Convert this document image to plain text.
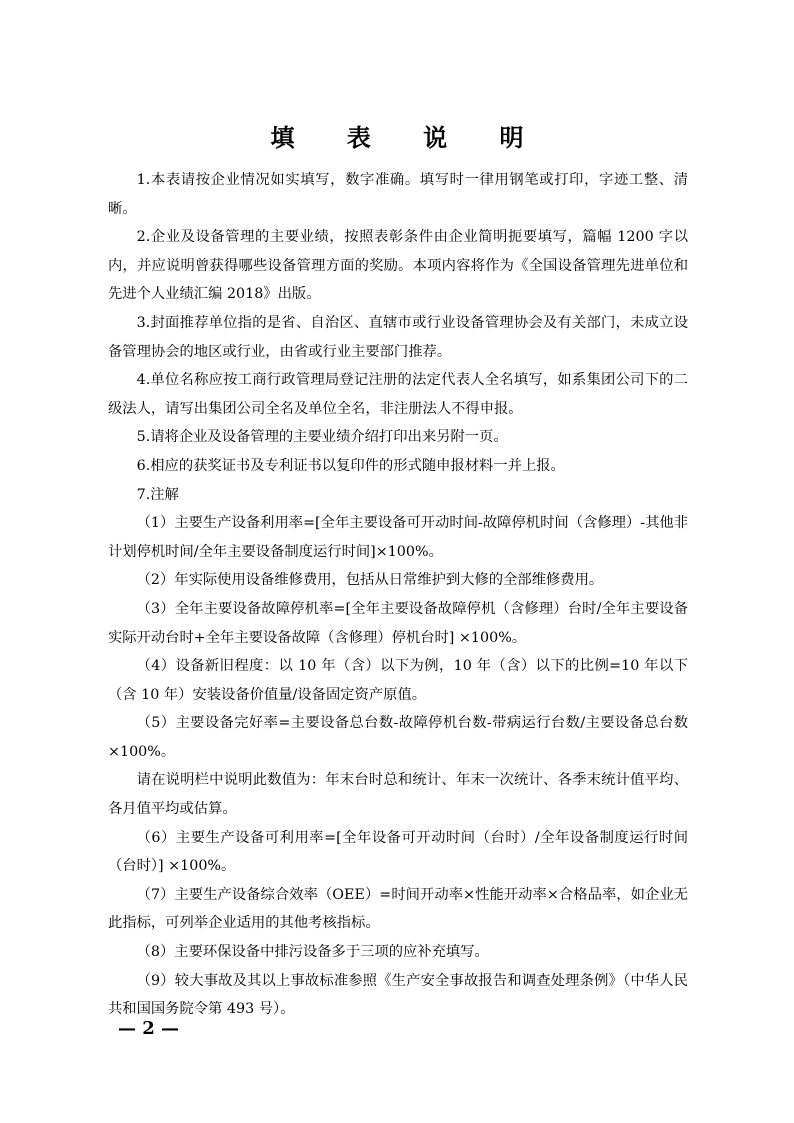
填 表 说 明

1.本表请按企业情况如实填写，数字准确。填写时一律用钢笔或打印，字迹工整、清晰。

2.企业及设备管理的主要业绩，按照表彰条件由企业简明扼要填写，篇幅 1200 字以内，并应说明曾获得哪些设备管理方面的奖励。本项内容将作为《全国设备管理先进单位和先进个人业绩汇编 2018》出版。

3.封面推荐单位指的是省、自治区、直辖市或行业设备管理协会及有关部门，未成立设备管理协会的地区或行业，由省或行业主要部门推荐。

4.单位名称应按工商行政管理局登记注册的法定代表人全名填写，如系集团公司下的二级法人，请写出集团公司全名及单位全名，非注册法人不得申报。

5.请将企业及设备管理的主要业绩介绍打印出来另附一页。

6.相应的获奖证书及专利证书以复印件的形式随申报材料一并上报。

7.注解

（1）主要生产设备利用率=[全年主要设备可开动时间-故障停机时间（含修理）-其他非计划停机时间/全年主要设备制度运行时间]×100%。

（2）年实际使用设备维修费用，包括从日常维护到大修的全部维修费用。

（3）全年主要设备故障停机率=[全年主要设备故障停机（含修理）台时/全年主要设备实际开动台时+全年主要设备故障（含修理）停机台时] ×100%。

（4）设备新旧程度：以 10 年（含）以下为例，10 年（含）以下的比例=10 年以下（含 10 年）安装设备价值量/设备固定资产原值。

（5）主要设备完好率=主要设备总台数-故障停机台数-带病运行台数/主要设备总台数×100%。

请在说明栏中说明此数值为：年末台时总和统计、年末一次统计、各季末统计值平均、各月值平均或估算。

（6）主要生产设备可利用率=[全年设备可开动时间（台时）/全年设备制度运行时间（台时）] ×100%。

（7）主要生产设备综合效率（OEE）=时间开动率×性能开动率×合格品率，如企业无此指标，可列举企业适用的其他考核指标。

（8）主要环保设备中排污设备多于三项的应补充填写。

（9）较大事故及其以上事故标准参照《生产安全事故报告和调查处理条例》（中华人民共和国国务院令第 493 号）。

— 2 —
